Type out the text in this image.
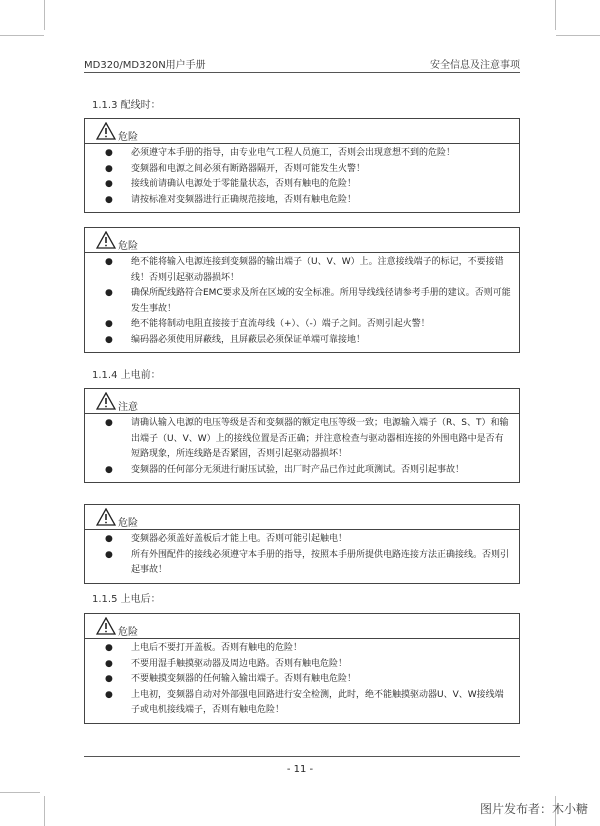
MD320/MD320N用户手册	安全信息及注意事项
1.1.3 配线时：
危险
● 必须遵守本手册的指导，由专业电气工程人员施工，否则会出现意想不到的危险！
● 变频器和电源之间必须有断路器隔开，否则可能发生火警！
● 接线前请确认电源处于零能量状态，否则有触电的危险！
● 请按标准对变频器进行正确规范接地，否则有触电危险！
危险
● 绝不能将输入电源连接到变频器的输出端子（U、V、W）上。注意接线端子的标记，不要接错线！否则引起驱动器损坏！
● 确保所配线路符合EMC要求及所在区域的安全标准。所用导线线径请参考手册的建议。否则可能发生事故！
● 绝不能将制动电阻直接接于直流母线（+）、（-）端子之间。否则引起火警！
● 编码器必须使用屏蔽线，且屏蔽层必须保证单端可靠接地！
1.1.4 上电前：
注意
● 请确认输入电源的电压等级是否和变频器的额定电压等级一致；电源输入端子（R、S、T）和输出端子（U、V、W）上的接线位置是否正确；并注意检查与驱动器相连接的外围电路中是否有短路现象，所连线路是否紧固，否则引起驱动器损坏！
● 变频器的任何部分无须进行耐压试验，出厂时产品已作过此项测试。否则引起事故！
危险
● 变频器必须盖好盖板后才能上电。否则可能引起触电！
● 所有外围配件的接线必须遵守本手册的指导，按照本手册所提供电路连接方法正确接线。否则引起事故！
1.1.5 上电后：
危险
● 上电后不要打开盖板。否则有触电的危险！
● 不要用湿手触摸驱动器及周边电路。否则有触电危险！
● 不要触摸变频器的任何输入输出端子。否则有触电危险！
● 上电初，变频器自动对外部强电回路进行安全检测，此时，绝不能触摸驱动器U、V、W接线端子或电机接线端子，否则有触电危险！
- 11 -
图片发布者：木小糖
